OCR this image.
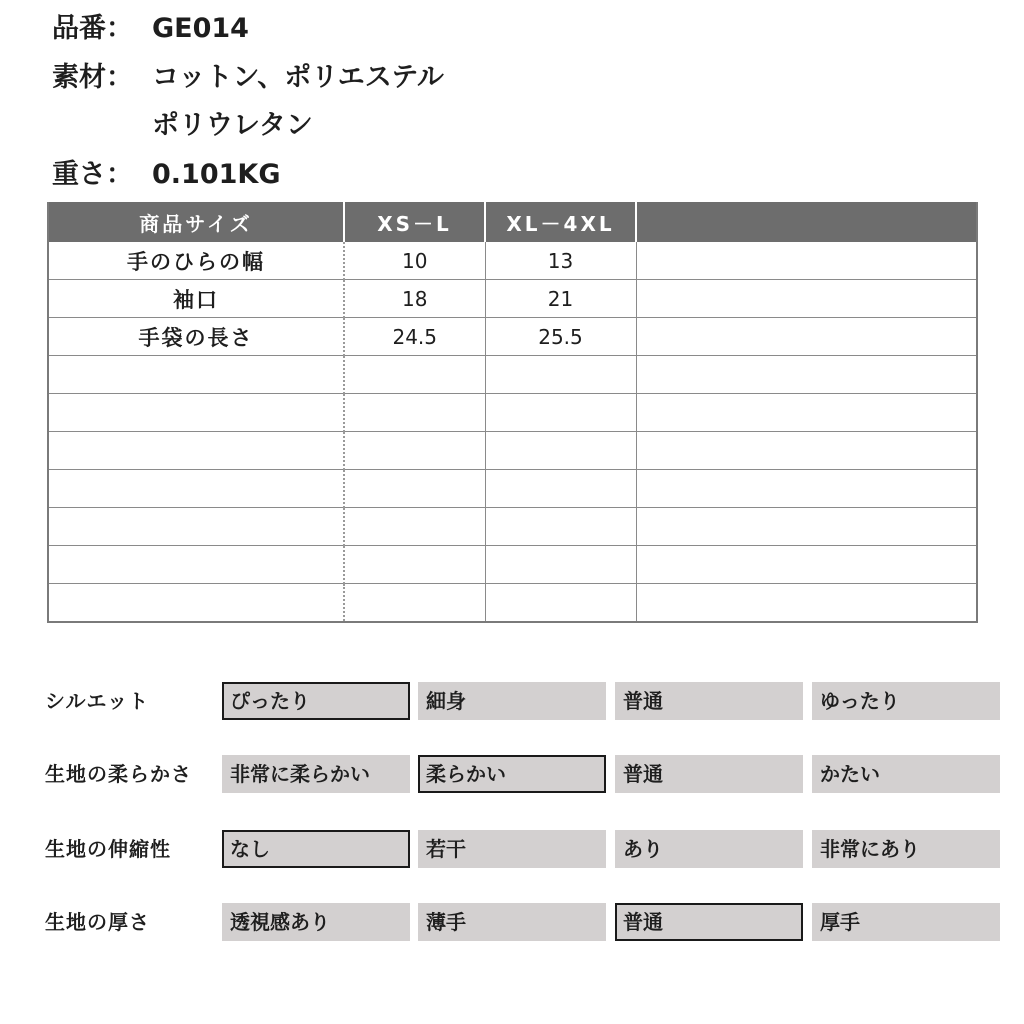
品番： GE014
素材： コットン、ポリエステル
ポリウレタン
重さ： 0.101KG
商品サイズ	XS－L	XL－4XL	
手のひらの幅	10	13	
袖口	18	21	
手袋の長さ	24.5	25.5	

シルエット	ぴったり	細身	普通	ゆったり
生地の柔らかさ	非常に柔らかい	柔らかい	普通	かたい
生地の伸縮性	なし	若干	あり	非常にあり
生地の厚さ	透視感あり	薄手	普通	厚手
